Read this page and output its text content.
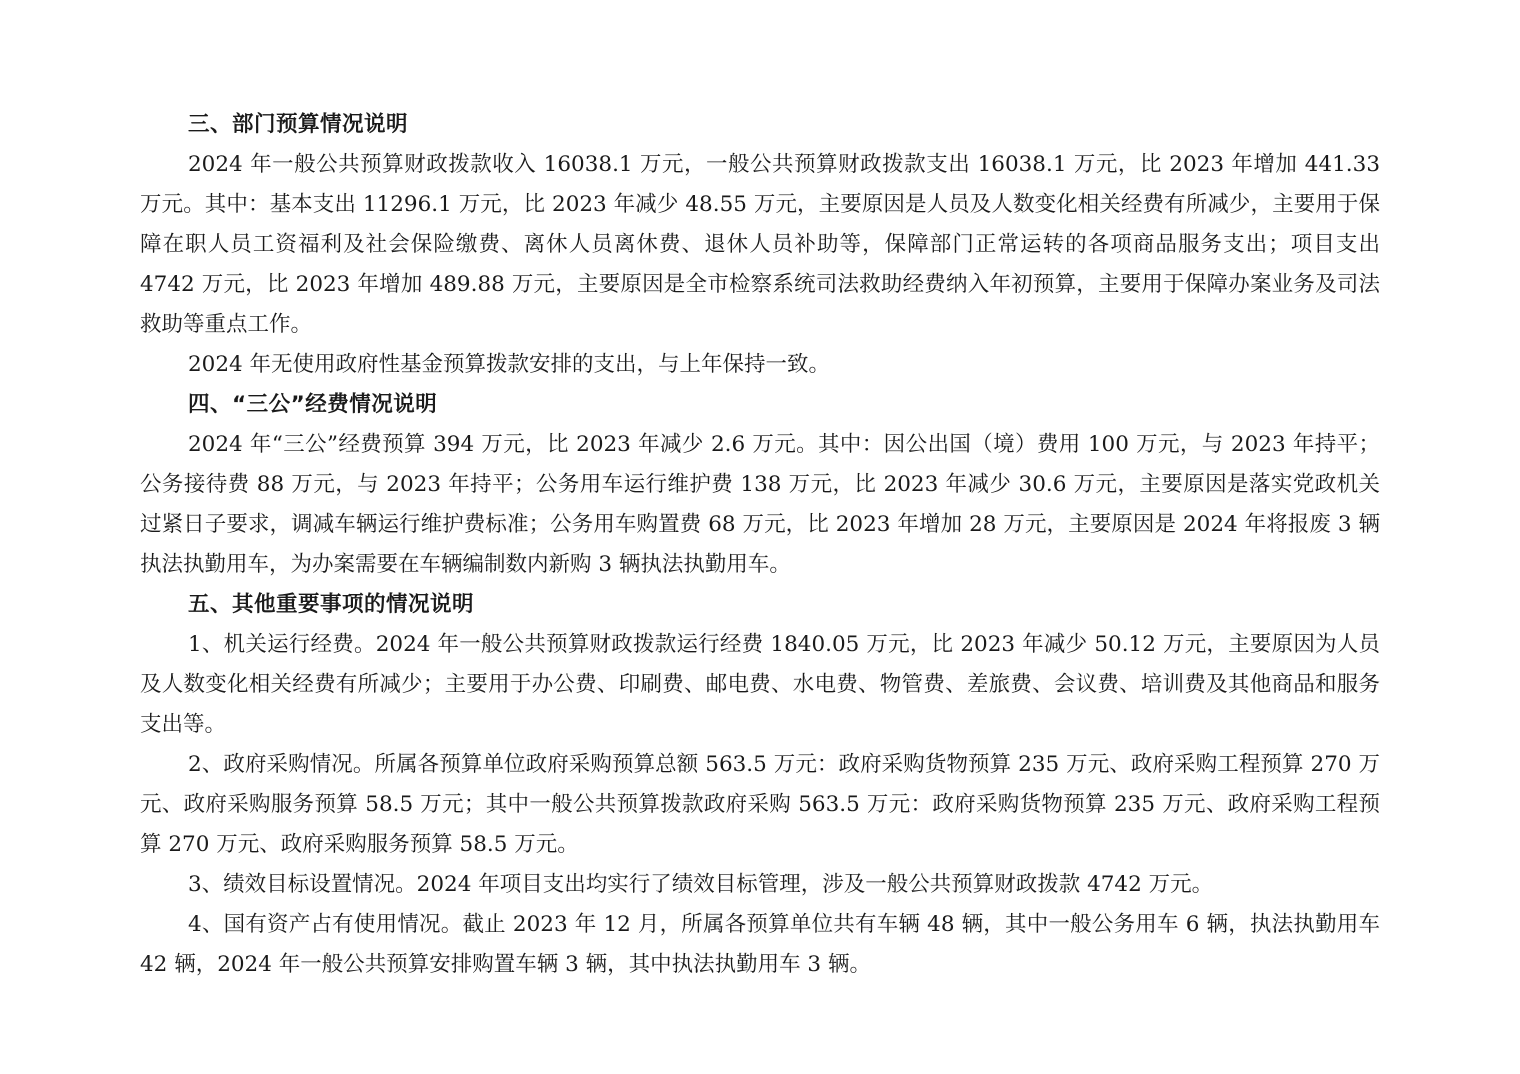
三、部门预算情况说明

2024 年一般公共预算财政拨款收入 16038.1 万元，一般公共预算财政拨款支出 16038.1 万元，比 2023 年增加 441.33 万元。其中：基本支出 11296.1 万元，比 2023 年减少 48.55 万元，主要原因是人员及人数变化相关经费有所减少，主要用于保障在职人员工资福利及社会保险缴费、离休人员离休费、退休人员补助等，保障部门正常运转的各项商品服务支出；项目支出 4742 万元，比 2023 年增加 489.88 万元，主要原因是全市检察系统司法救助经费纳入年初预算，主要用于保障办案业务及司法救助等重点工作。

2024 年无使用政府性基金预算拨款安排的支出，与上年保持一致。

四、“三公”经费情况说明

2024 年“三公”经费预算 394 万元，比 2023 年减少 2.6 万元。其中：因公出国（境）费用 100 万元，与 2023 年持平；公务接待费 88 万元，与 2023 年持平；公务用车运行维护费 138 万元，比 2023 年减少 30.6 万元，主要原因是落实党政机关过紧日子要求，调减车辆运行维护费标准；公务用车购置费 68 万元，比 2023 年增加 28 万元，主要原因是 2024 年将报废 3 辆执法执勤用车，为办案需要在车辆编制数内新购 3 辆执法执勤用车。

五、其他重要事项的情况说明

1、机关运行经费。2024 年一般公共预算财政拨款运行经费 1840.05 万元，比 2023 年减少 50.12 万元，主要原因为人员及人数变化相关经费有所减少；主要用于办公费、印刷费、邮电费、水电费、物管费、差旅费、会议费、培训费及其他商品和服务支出等。

2、政府采购情况。所属各预算单位政府采购预算总额 563.5 万元：政府采购货物预算 235 万元、政府采购工程预算 270 万元、政府采购服务预算 58.5 万元；其中一般公共预算拨款政府采购 563.5 万元：政府采购货物预算 235 万元、政府采购工程预算 270 万元、政府采购服务预算 58.5 万元。

3、绩效目标设置情况。2024 年项目支出均实行了绩效目标管理，涉及一般公共预算财政拨款 4742 万元。

4、国有资产占有使用情况。截止 2023 年 12 月，所属各预算单位共有车辆 48 辆，其中一般公务用车 6 辆，执法执勤用车 42 辆，2024 年一般公共预算安排购置车辆 3 辆，其中执法执勤用车 3 辆。
